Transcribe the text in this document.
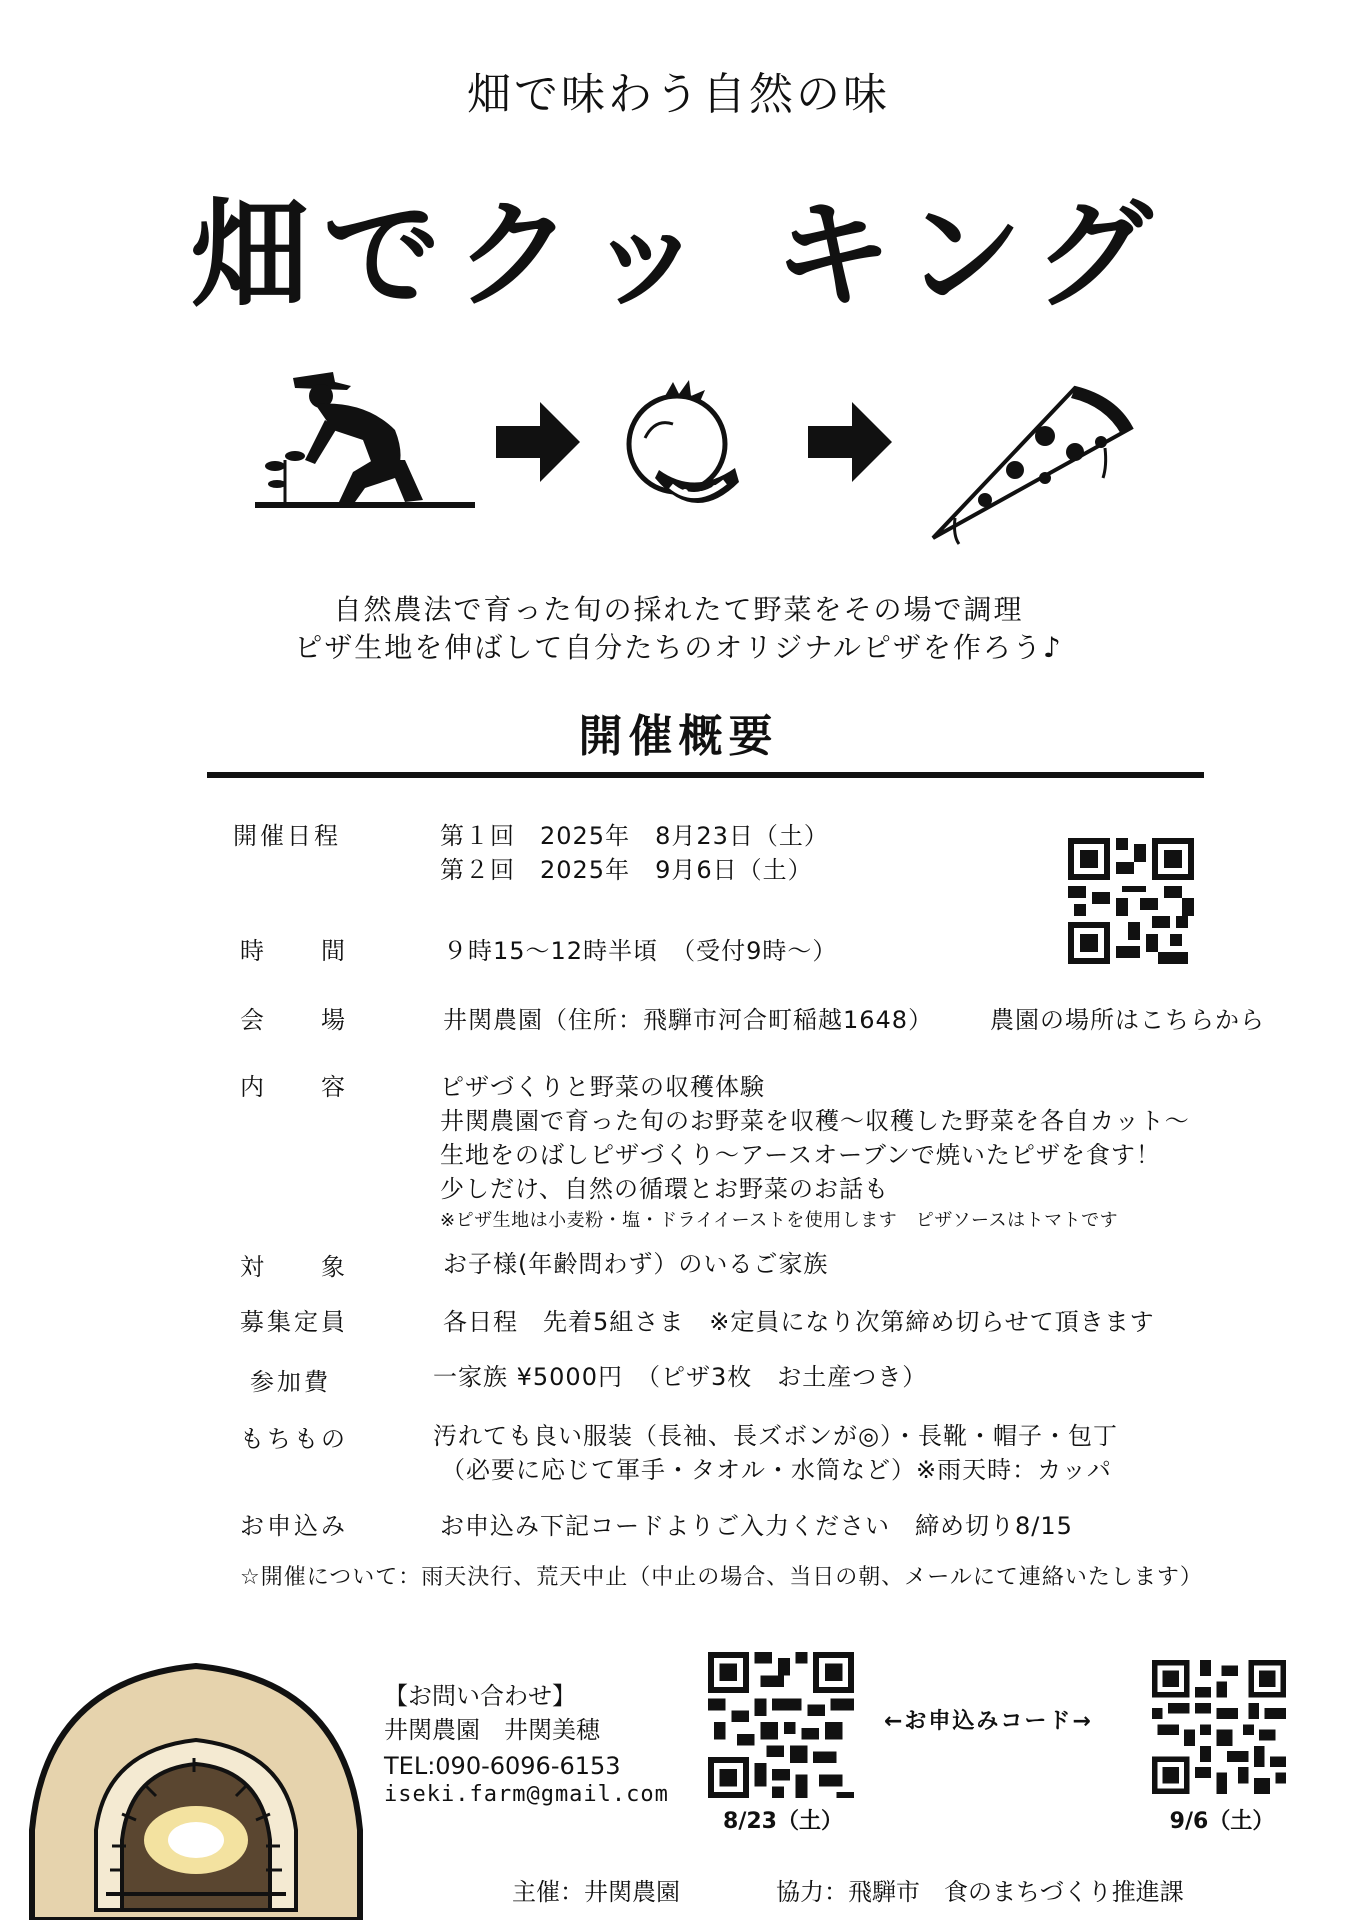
畑で味わう自然の味
畑でクッ キング
自然農法で育った旬の採れたて野菜をその場で調理
ピザ生地を伸ばして自分たちのオリジナルピザを作ろう♪
開催概要
開催日程	第１回　2025年　8月23日（土）
第２回　2025年　9月6日（土）
時　　間	９時15～12時半頃　（受付9時～）
会　　場	井関農園（住所：飛騨市河合町稲越1648） 農園の場所はこちらから
内　　容	ピザづくりと野菜の収穫体験
井関農園で育った旬のお野菜を収穫～収穫した野菜を各自カット～
生地をのばしピザづくり～アースオーブンで焼いたピザを食す！
少しだけ、自然の循環とお野菜のお話も
※ピザ生地は小麦粉・塩・ドライイーストを使用します　ピザソースはトマトです
対　　象	お子様(年齢問わず）のいるご家族
募集定員	各日程　先着5組さま　※定員になり次第締め切らせて頂きます
参加費	一家族 ¥5000円　（ピザ3枚　お土産つき）
もちもの	汚れても良い服装（長袖、長ズボンが◎）・長靴・帽子・包丁
（必要に応じて軍手・タオル・水筒など）※雨天時：カッパ
お申込み	お申込み下記コードよりご入力ください　締め切り8/15
☆開催について：雨天決行、荒天中止（中止の場合、当日の朝、メールにて連絡いたします）
【お問い合わせ】
井関農園　井関美穂
TEL:090-6096-6153
iseki.farm@gmail.com
←お申込みコード→
8/23（土）	9/6（土）
主催：井関農園	協力：飛騨市　食のまちづくり推進課
